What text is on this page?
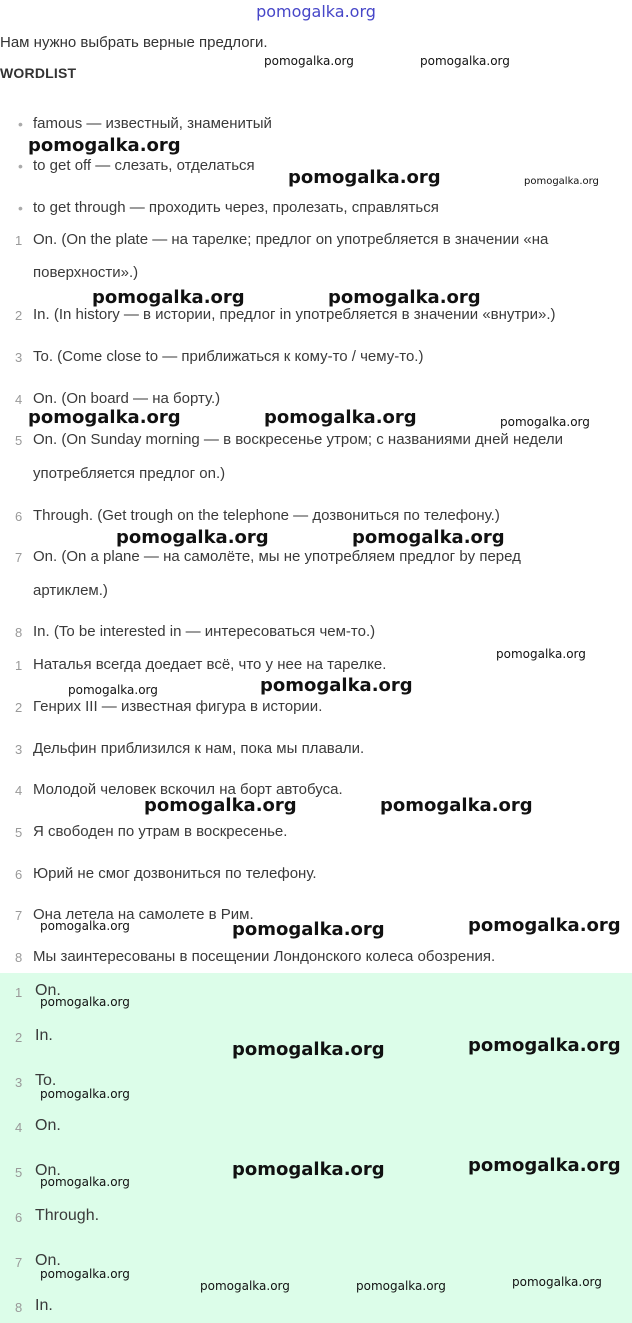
pomogalka.org
Нам нужно выбрать верные предлоги.
WORDLIST
• famous — известный, знаменитый
• to get off — слезать, отделаться
• to get through — проходить через, пролезать, справляться
1 On. (On the plate — на тарелке; предлог on употребляется в значении «на
поверхности».)
2 In. (In history — в истории, предлог in употребляется в значении «внутри».)
3 To. (Come close to — приближаться к кому-то / чему-то.)
4 On. (On board — на борту.)
5 On. (On Sunday morning — в воскресенье утром; с названиями дней недели
употребляется предлог on.)
6 Through. (Get trough on the telephone — дозвониться по телефону.)
7 On. (On a plane — на самолёте, мы не употребляем предлог by перед
артиклем.)
8 In. (To be interested in — интересоваться чем-то.)
1 Наталья всегда доедает всё, что у нее на тарелке.
2 Генрих III — известная фигура в истории.
3 Дельфин приблизился к нам, пока мы плавали.
4 Молодой человек вскочил на борт автобуса.
5 Я свободен по утрам в воскресенье.
6 Юрий не смог дозвониться по телефону.
7 Она летела на самолете в Рим.
8 Мы заинтересованы в посещении Лондонского колеса обозрения.
1 On.
2 In.
3 To.
4 On.
5 On.
6 Through.
7 On.
8 In.
pomogalka.org	pomogalka.org
pomogalka.org
pomogalka.org	pomogalka.org
pomogalka.org	pomogalka.org
pomogalka.org	pomogalka.org	pomogalka.org
pomogalka.org	pomogalka.org
pomogalka.org
pomogalka.org	pomogalka.org
pomogalka.org	pomogalka.org
pomogalka.org	pomogalka.org	pomogalka.org
pomogalka.org
pomogalka.org	pomogalka.org
pomogalka.org
pomogalka.org
pomogalka.org	pomogalka.org
pomogalka.org
pomogalka.org	pomogalka.org	pomogalka.org
